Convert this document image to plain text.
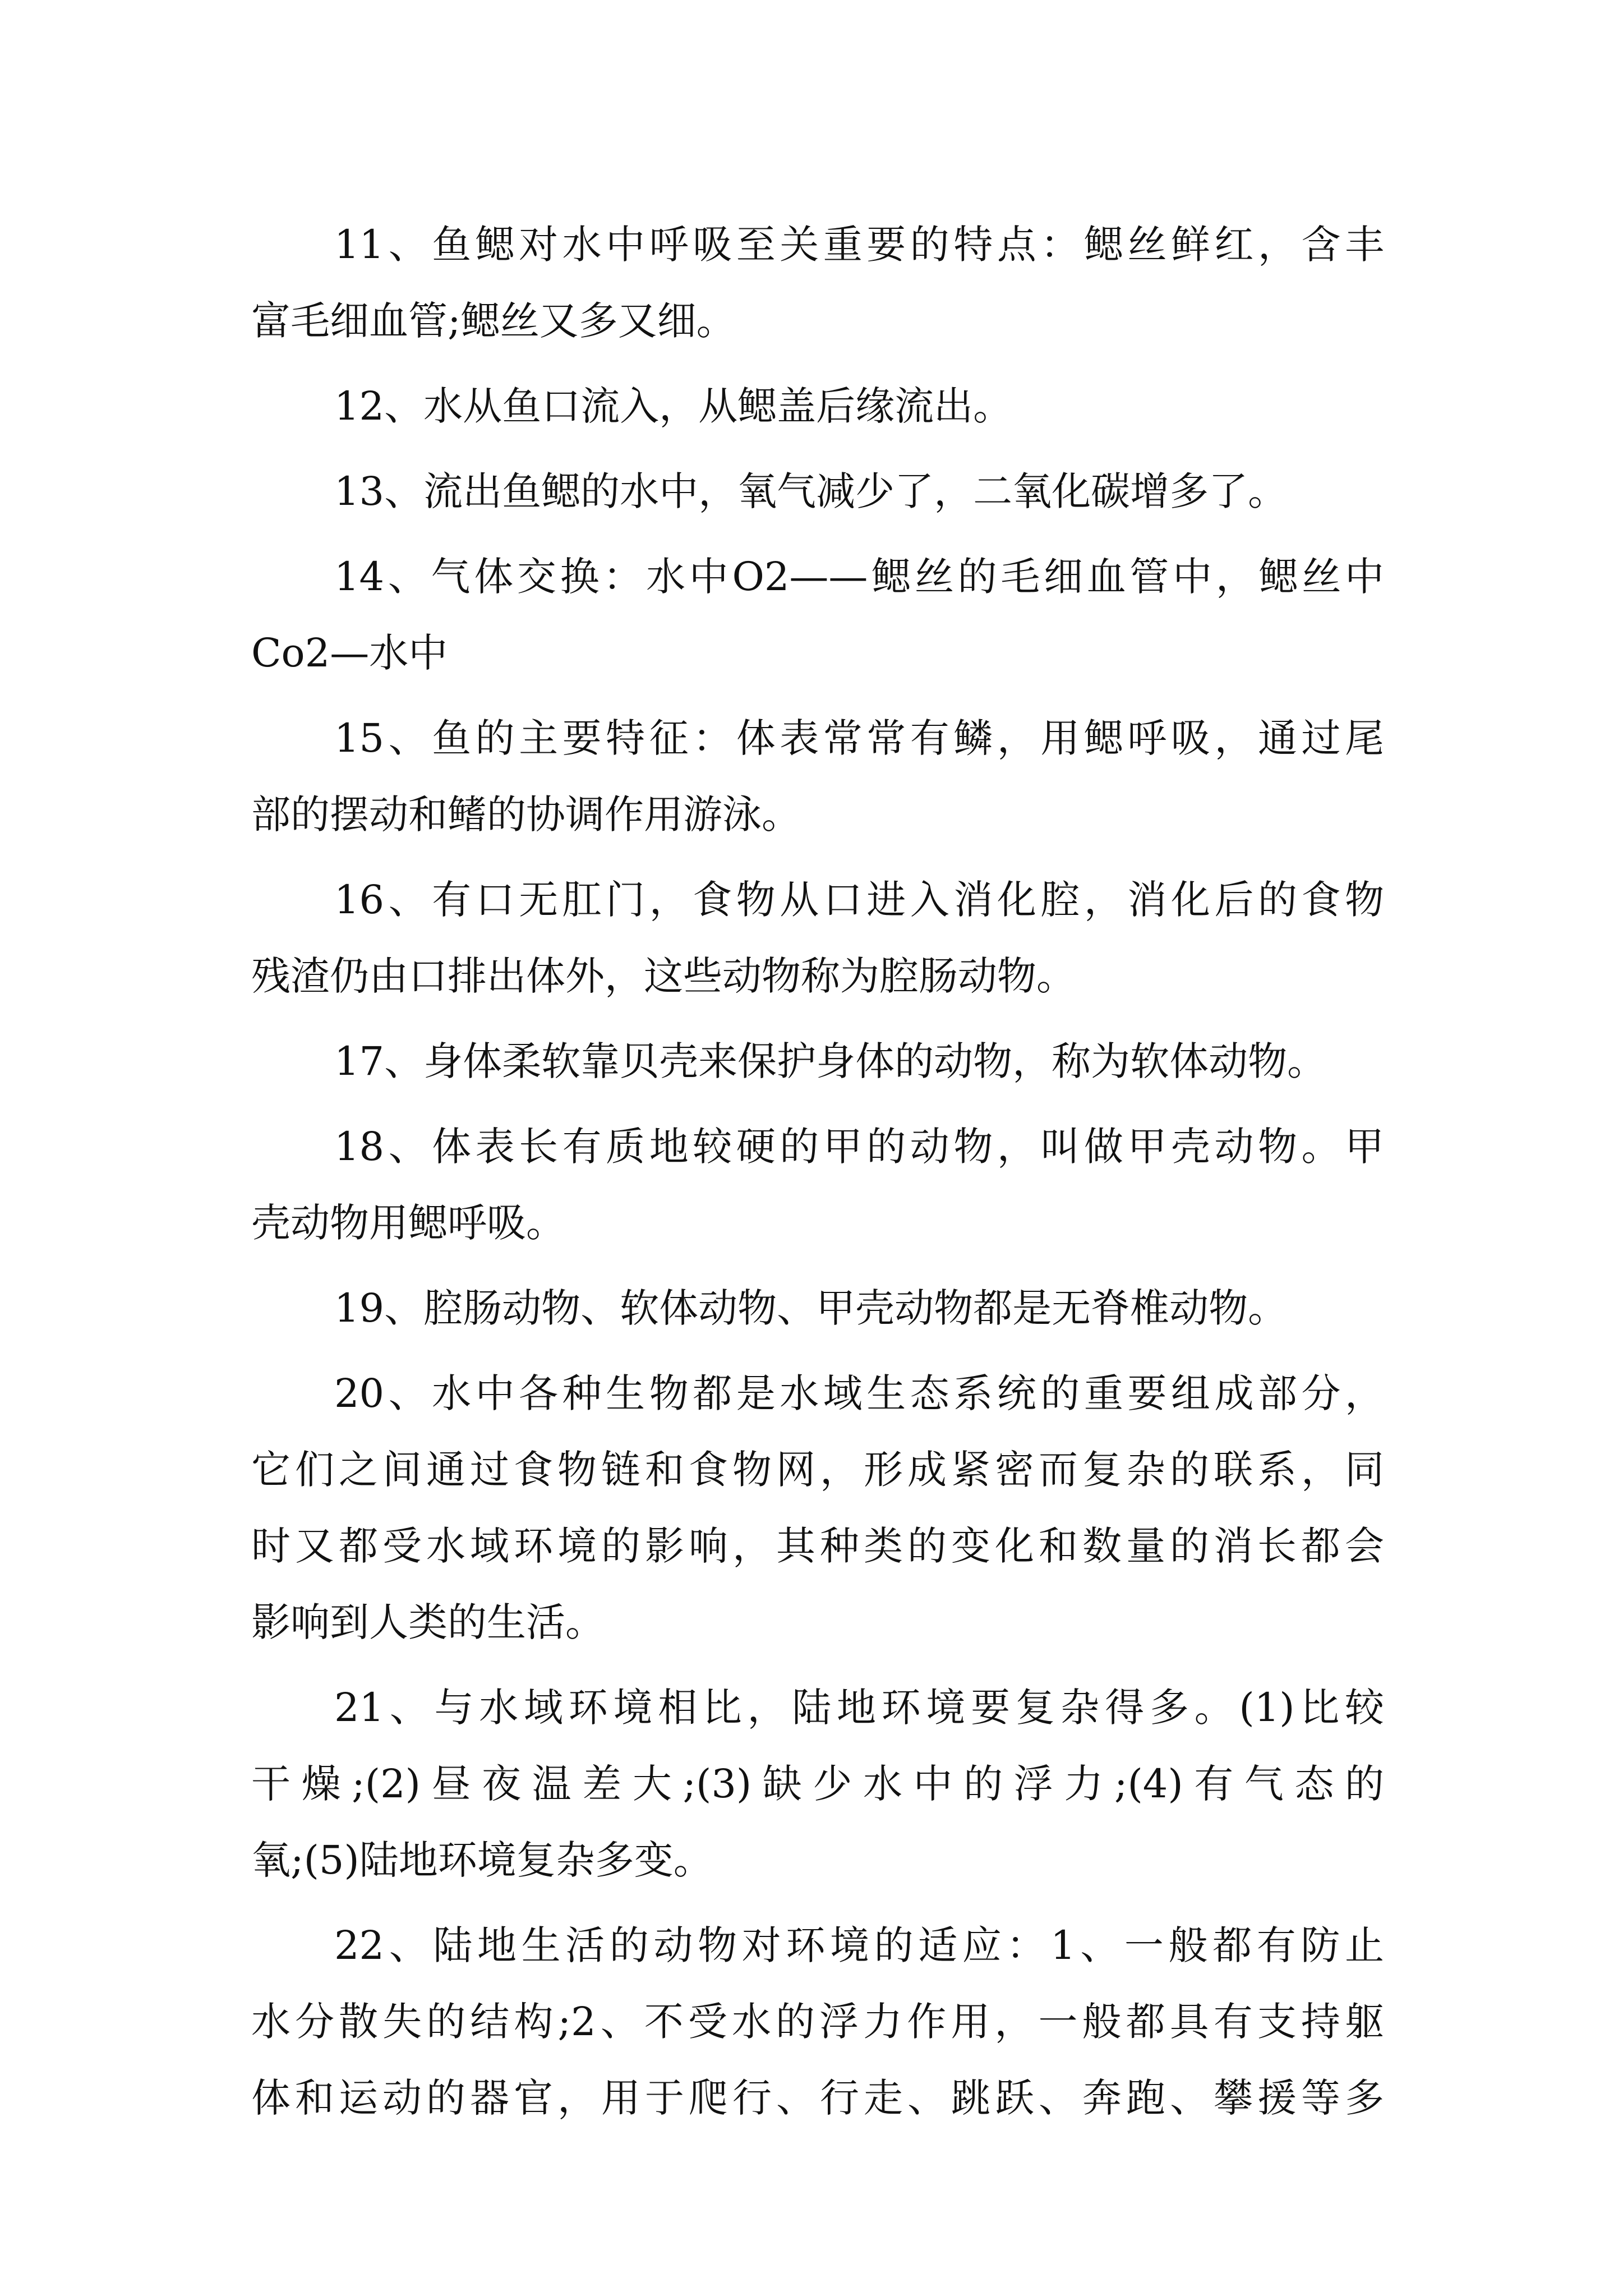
11、鱼鳃对水中呼吸至关重要的特点：鳃丝鲜红，含丰
富毛细血管;鳃丝又多又细。
12、水从鱼口流入，从鳃盖后缘流出。
13、流出鱼鳃的水中，氧气减少了，二氧化碳增多了。
14、气体交换：水中O2——鳃丝的毛细血管中，鳃丝中
Co2—水中
15、鱼的主要特征：体表常常有鳞，用鳃呼吸，通过尾
部的摆动和鳍的协调作用游泳。
16、有口无肛门，食物从口进入消化腔，消化后的食物
残渣仍由口排出体外，这些动物称为腔肠动物。
17、身体柔软靠贝壳来保护身体的动物，称为软体动物。
18、体表长有质地较硬的甲的动物，叫做甲壳动物。甲
壳动物用鳃呼吸。
19、腔肠动物、软体动物、甲壳动物都是无脊椎动物。
20、水中各种生物都是水域生态系统的重要组成部分，
它们之间通过食物链和食物网，形成紧密而复杂的联系，同
时又都受水域环境的影响，其种类的变化和数量的消长都会
影响到人类的生活。
21、与水域环境相比，陆地环境要复杂得多。(1)比较
干燥;(2)昼夜温差大;(3)缺少水中的浮力;(4)有气态的
氧;(5)陆地环境复杂多变。
22、陆地生活的动物对环境的适应：1、一般都有防止
水分散失的结构;2、不受水的浮力作用，一般都具有支持躯
体和运动的器官，用于爬行、行走、跳跃、奔跑、攀援等多
